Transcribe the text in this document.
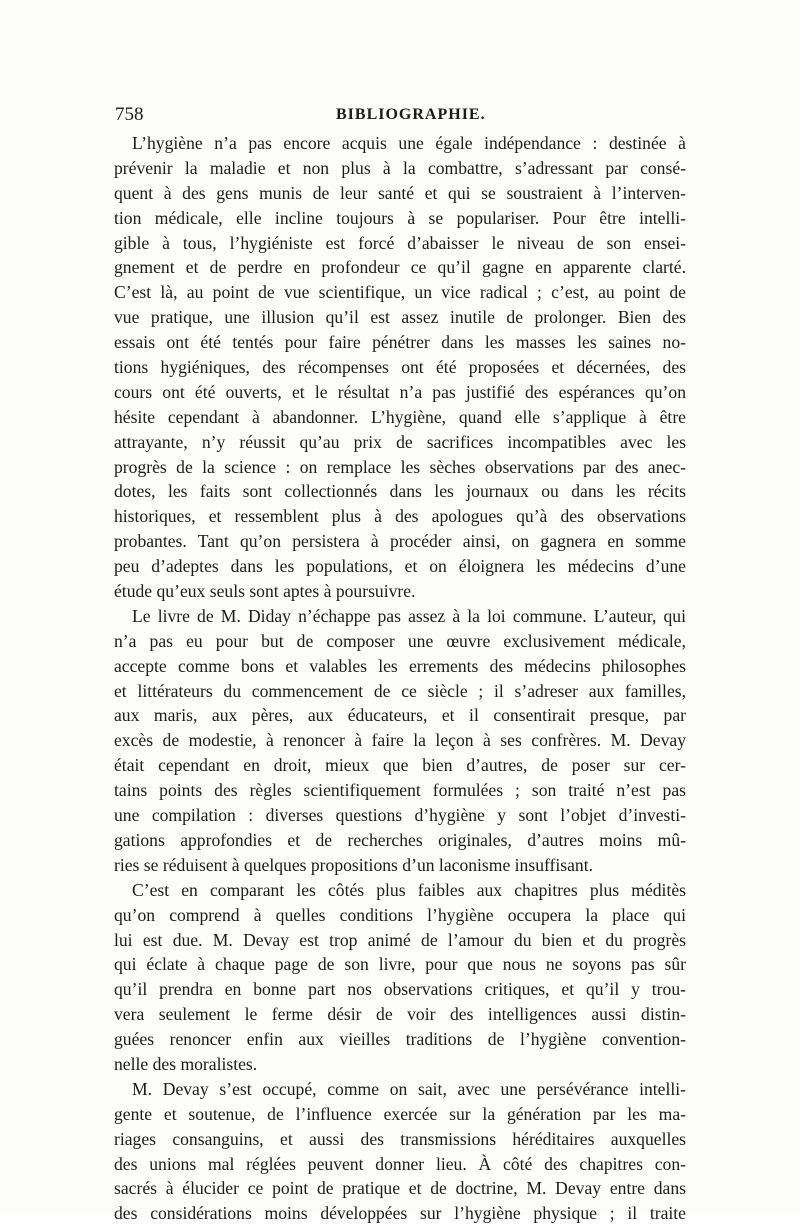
758	BIBLIOGRAPHIE.
L’hygiène n’a pas encore acquis une égale indépendance : destinée à
prévenir la maladie et non plus à la combattre, s’adressant par consé-
quent à des gens munis de leur santé et qui se soustraient à l’interven-
tion médicale, elle incline toujours à se populariser. Pour être intelli-
gible à tous, l’hygiéniste est forcé d’abaisser le niveau de son ensei-
gnement et de perdre en profondeur ce qu’il gagne en apparente clarté.
C’est là, au point de vue scientifique, un vice radical ; c’est, au point de
vue pratique, une illusion qu’il est assez inutile de prolonger. Bien des
essais ont été tentés pour faire pénétrer dans les masses les saines no-
tions hygiéniques, des récompenses ont été proposées et décernées, des
cours ont été ouverts, et le résultat n’a pas justifié des espérances qu’on
hésite cependant à abandonner. L’hygiène, quand elle s’applique à être
attrayante, n’y réussit qu’au prix de sacrifices incompatibles avec les
progrès de la science : on remplace les sèches observations par des anec-
dotes, les faits sont collectionnés dans les journaux ou dans les récits
historiques, et ressemblent plus à des apologues qu’à des observations
probantes. Tant qu’on persistera à procéder ainsi, on gagnera en somme
peu d’adeptes dans les populations, et on éloignera les médecins d’une
étude qu’eux seuls sont aptes à poursuivre.
Le livre de M. Diday n’échappe pas assez à la loi commune. L’auteur, qui
n’a pas eu pour but de composer une œuvre exclusivement médicale,
accepte comme bons et valables les errements des médecins philosophes
et littérateurs du commencement de ce siècle ; il s’adreser aux familles,
aux maris, aux pères, aux éducateurs, et il consentirait presque, par
excès de modestie, à renoncer à faire la leçon à ses confrères. M. Devay
était cependant en droit, mieux que bien d’autres, de poser sur cer-
tains points des règles scientifiquement formulées ; son traité n’est pas
une compilation : diverses questions d’hygiène y sont l’objet d’investi-
gations approfondies et de recherches originales, d’autres moins mû-
ries se réduisent à quelques propositions d’un laconisme insuffisant.
C’est en comparant les côtés plus faibles aux chapitres plus méditès
qu’on comprend à quelles conditions l’hygiène occupera la place qui
lui est due. M. Devay est trop animé de l’amour du bien et du progrès
qui éclate à chaque page de son livre, pour que nous ne soyons pas sûr
qu’il prendra en bonne part nos observations critiques, et qu’il y trou-
vera seulement le ferme désir de voir des intelligences aussi distin-
guées renoncer enfin aux vieilles traditions de l’hygiène convention-
nelle des moralistes.
M. Devay s’est occupé, comme on sait, avec une persévérance intelli-
gente et soutenue, de l’influence exercée sur la génération par les ma-
riages consanguins, et aussi des transmissions héréditaires auxquelles
des unions mal réglées peuvent donner lieu. À côté des chapitres con-
sacrés à élucider ce point de pratique et de doctrine, M. Devay entre dans
des considérations moins développées sur l’hygiène physique ; il traite
